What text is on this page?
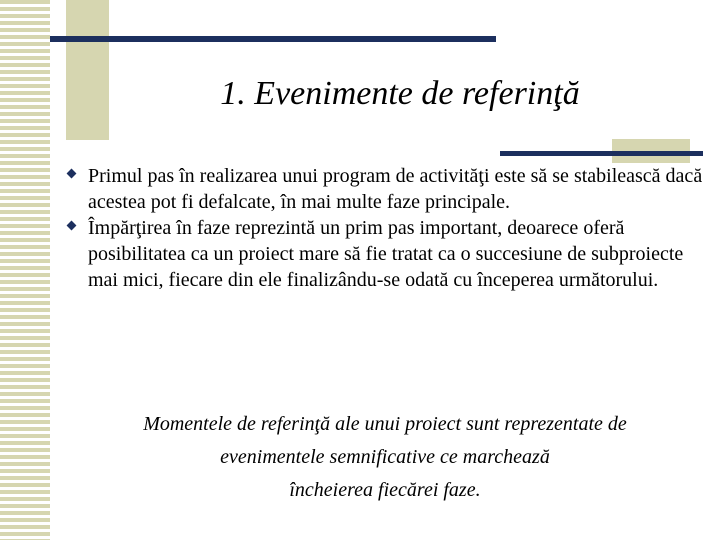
1. Evenimente de referinţă
Primul pas în realizarea unui program de activităţi este să se stabilească dacă acestea pot fi defalcate, în mai multe faze principale.
Împărţirea în faze reprezintă un prim pas important, deoarece oferă posibilitatea ca un proiect mare să fie tratat ca o succesiune de subproiecte mai mici, fiecare din ele finalizându-se odată cu începerea următorului.
Momentele de referinţă ale unui proiect sunt reprezentate de
evenimentele semnificative ce marchează
încheierea fiecărei faze.
